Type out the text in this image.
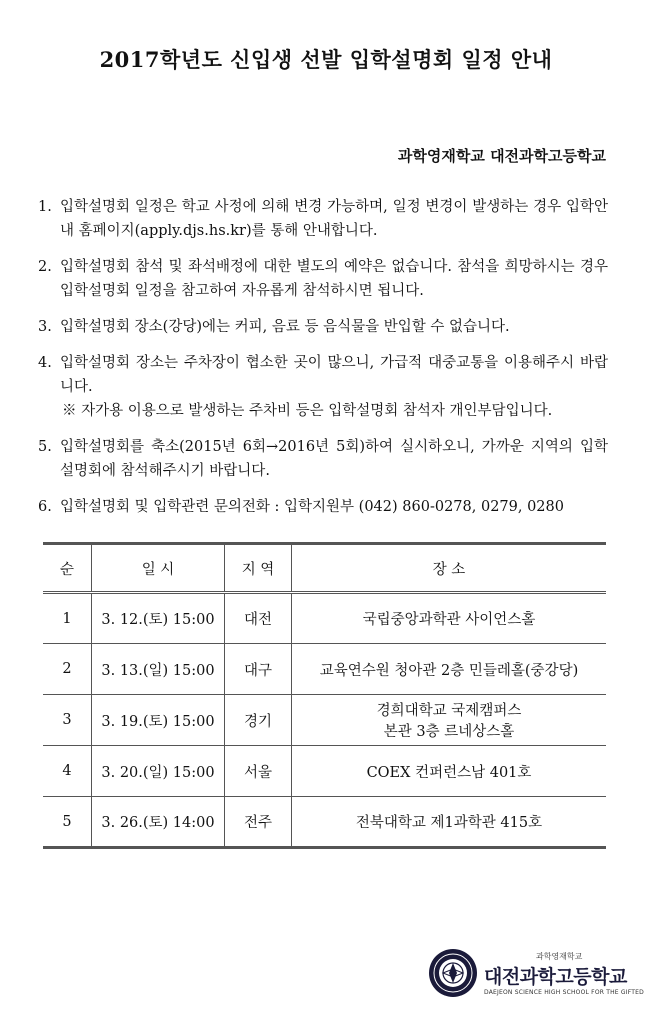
2017학년도 신입생 선발 입학설명회 일정 안내
과학영재학교 대전과학고등학교
1. 입학설명회 일정은 학교 사정에 의해 변경 가능하며, 일정 변경이 발생하는 경우 입학안내 홈페이지(apply.djs.hs.kr)를 통해 안내합니다.
2. 입학설명회 참석 및 좌석배정에 대한 별도의 예약은 없습니다. 참석을 희망하시는 경우 입학설명회 일정을 참고하여 자유롭게 참석하시면 됩니다.
3. 입학설명회 장소(강당)에는 커피, 음료 등 음식물을 반입할 수 없습니다.
4. 입학설명회 장소는 주차장이 협소한 곳이 많으니, 가급적 대중교통을 이용해주시 바랍니다.
※ 자가용 이용으로 발생하는 주차비 등은 입학설명회 참석자 개인부담입니다.
5. 입학설명회를 축소(2015년 6회→2016년 5회)하여 실시하오니, 가까운 지역의 입학 설명회에 참석해주시기 바랍니다.
6. 입학설명회 및 입학관련 문의전화 : 입학지원부 (042) 860-0278, 0279, 0280
순	일 시	지 역	장 소
1	3. 12.(토) 15:00	대전	국립중앙과학관 사이언스홀
2	3. 13.(일) 15:00	대구	교육연수원 청아관 2층 민들레홀(중강당)
3	3. 19.(토) 15:00	경기	경희대학교 국제캠퍼스
본관 3층 르네상스홀

4	3. 20.(일) 15:00	서울	COEX 컨퍼런스남 401호
5	3. 26.(토) 14:00	전주	전북대학교 제1과학관 415호
과학영재학교
대전과학고등학교
DAEJEON SCIENCE HIGH SCHOOL FOR THE GIFTED
